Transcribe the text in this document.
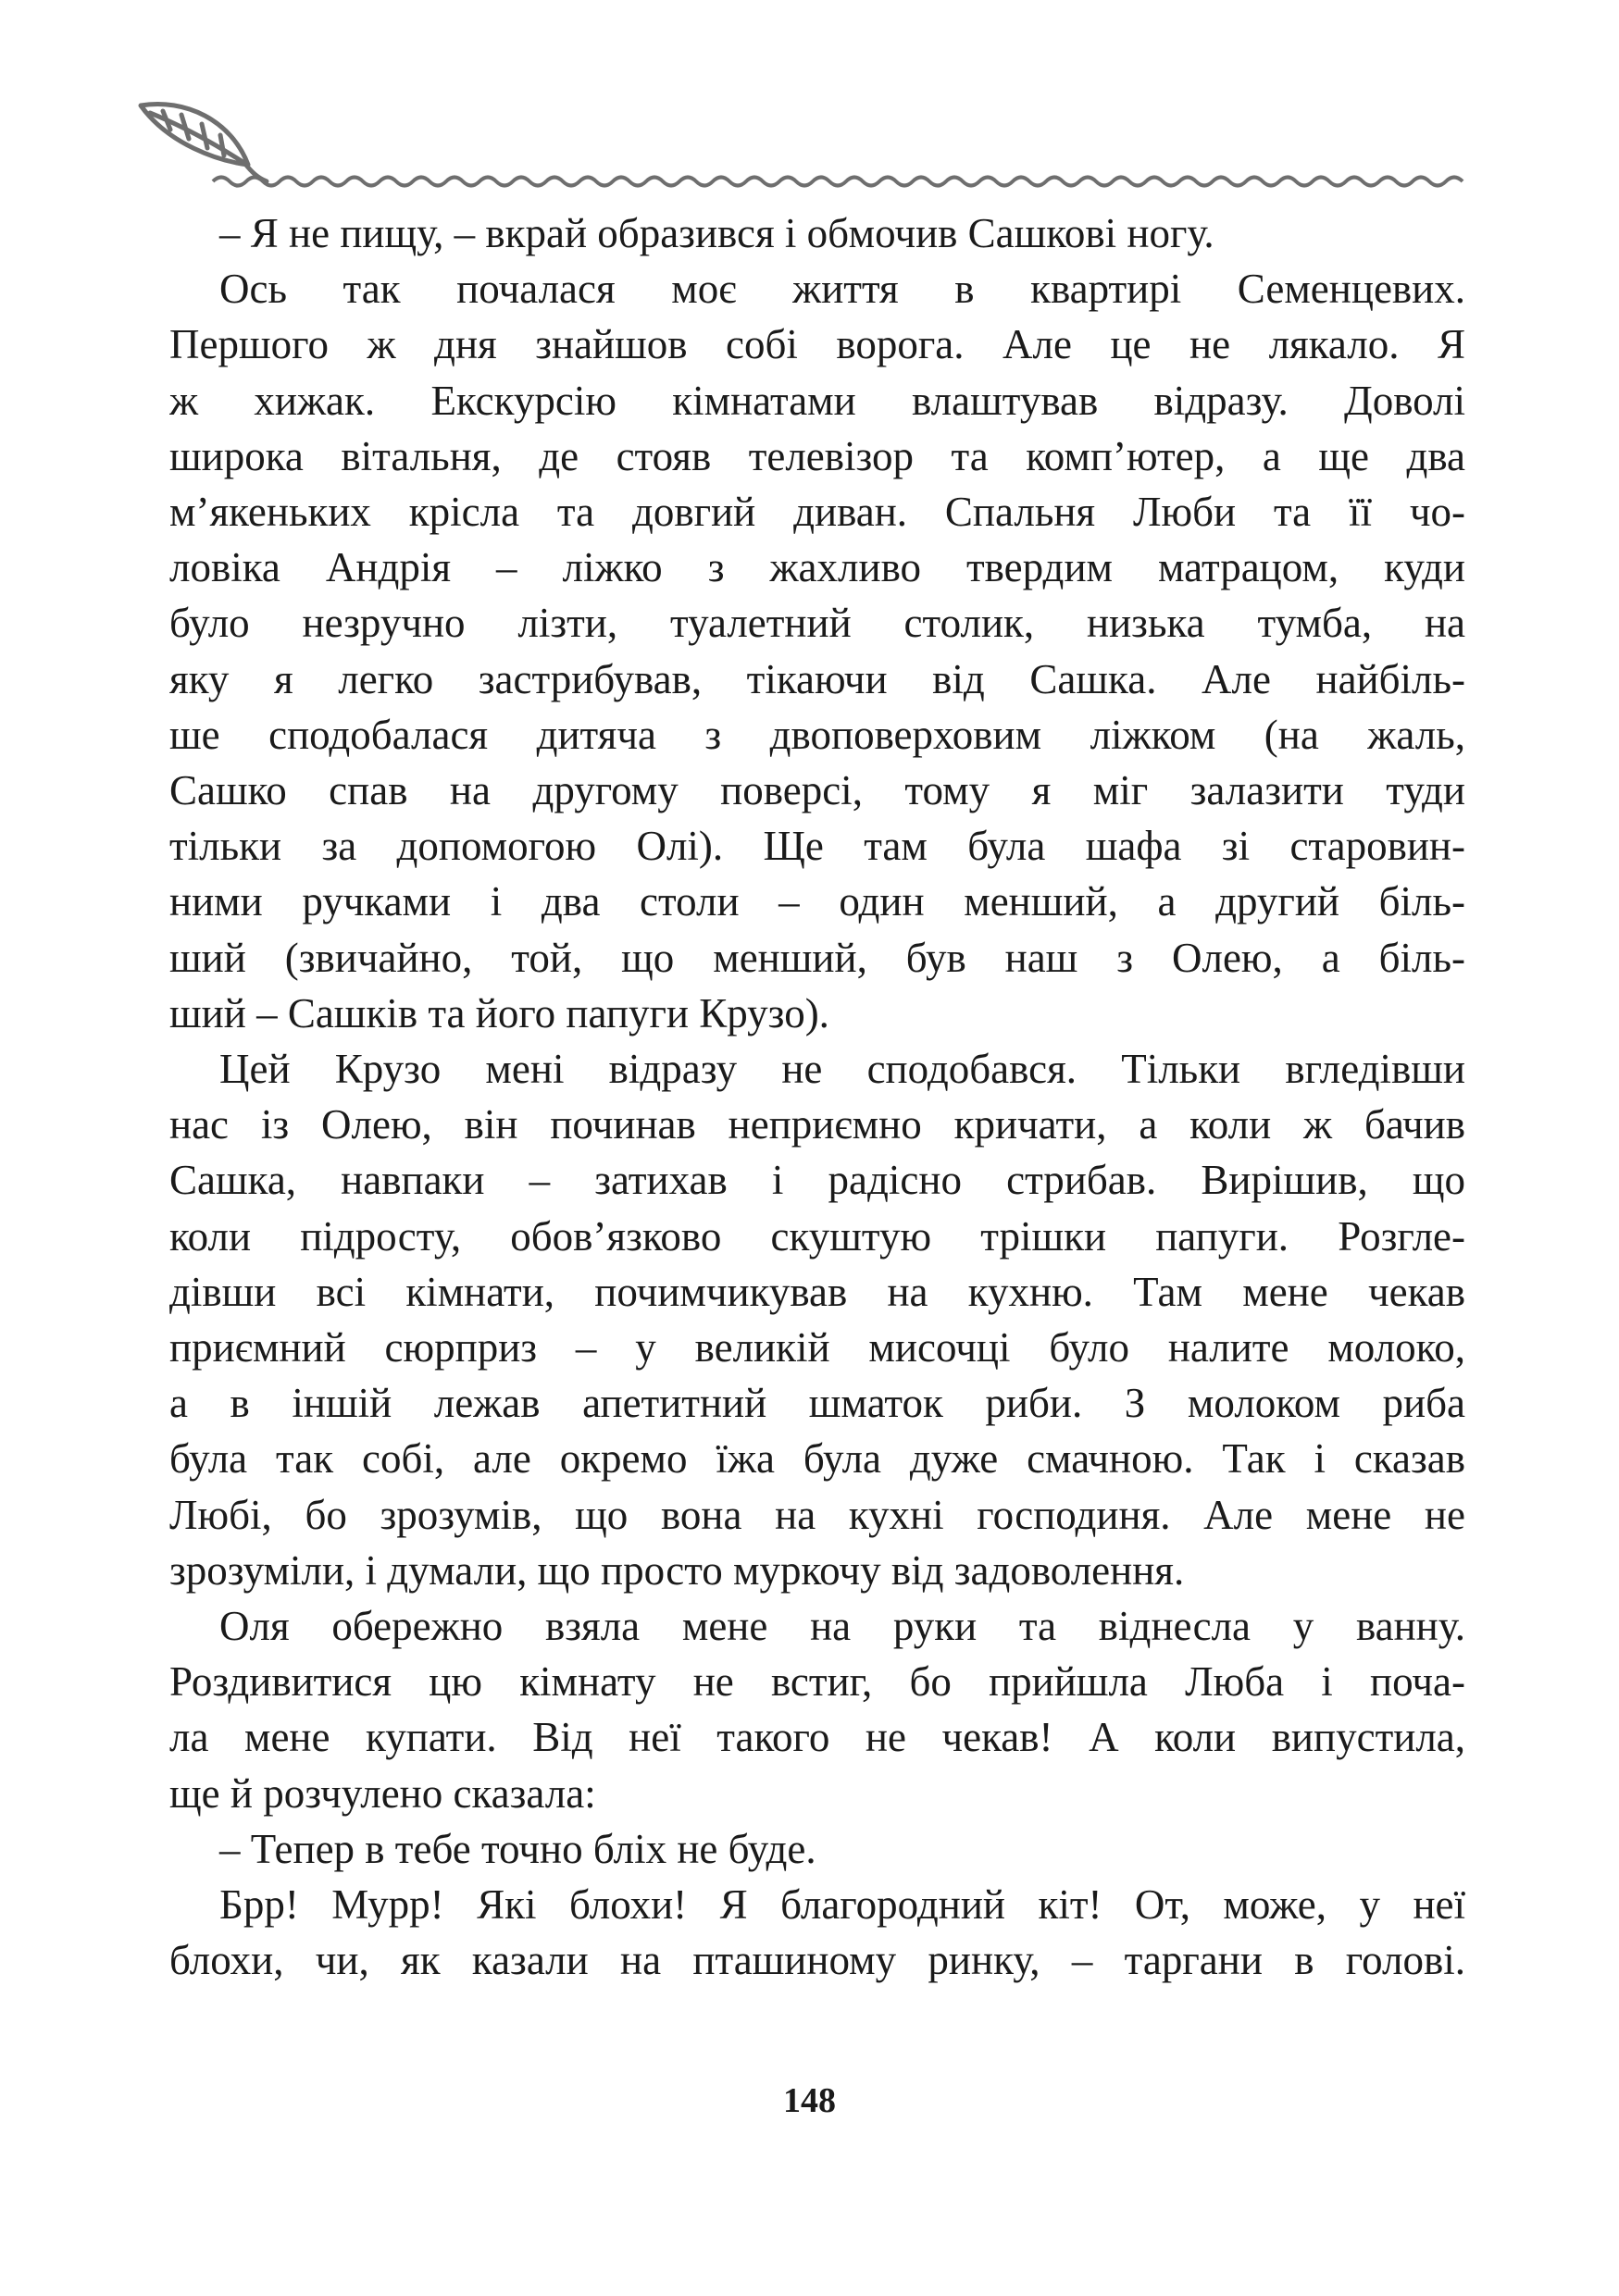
– Я не пищу, – вкрай образився і обмочив Сашкові ногу.
Ось так почалася моє життя в квартирі Семенцевих.
Першого ж дня знайшов собі ворога. Але це не лякало. Я
ж хижак. Екскурсію кімнатами влаштував відразу. Доволі
широка вітальня, де стояв телевізор та комп’ютер, а ще два
м’якеньких крісла та довгий диван. Спальня Люби та її чо-
ловіка Андрія – ліжко з жахливо твердим матрацом, куди
було незручно лізти, туалетний столик, низька тумба, на
яку я легко застрибував, тікаючи від Сашка. Але найбіль-
ше сподобалася дитяча з двоповерховим ліжком (на жаль,
Сашко спав на другому поверсі, тому я міг залазити туди
тільки за допомогою Олі). Ще там була шафа зі старовин-
ними ручками і два столи – один менший, а другий біль-
ший (звичайно, той, що менший, був наш з Олею, а біль-
ший – Сашків та його папуги Крузо).
Цей Крузо мені відразу не сподобався. Тільки вгледівши
нас із Олею, він починав неприємно кричати, а коли ж бачив
Сашка, навпаки – затихав і радісно стрибав. Вирішив, що
коли підросту, обов’язково скуштую трішки папуги. Розгле-
дівши всі кімнати, почимчикував на кухню. Там мене чекав
приємний сюрприз – у великій мисочці було налите молоко,
а в іншій лежав апетитний шматок риби. З молоком риба
була так собі, але окремо їжа була дуже смачною. Так і сказав
Любі, бо зрозумів, що вона на кухні господиня. Але мене не
зрозуміли, і думали, що просто муркочу від задоволення.
Оля обережно взяла мене на руки та віднесла у ванну.
Роздивитися цю кімнату не встиг, бо прийшла Люба і поча-
ла мене купати. Від неї такого не чекав! А коли випустила,
ще й розчулено сказала:
– Тепер в тебе точно бліх не буде.
Брр! Мурр! Які блохи! Я благородний кіт! От, може, у неї
блохи, чи, як казали на пташиному ринку, – таргани в голові.
148
